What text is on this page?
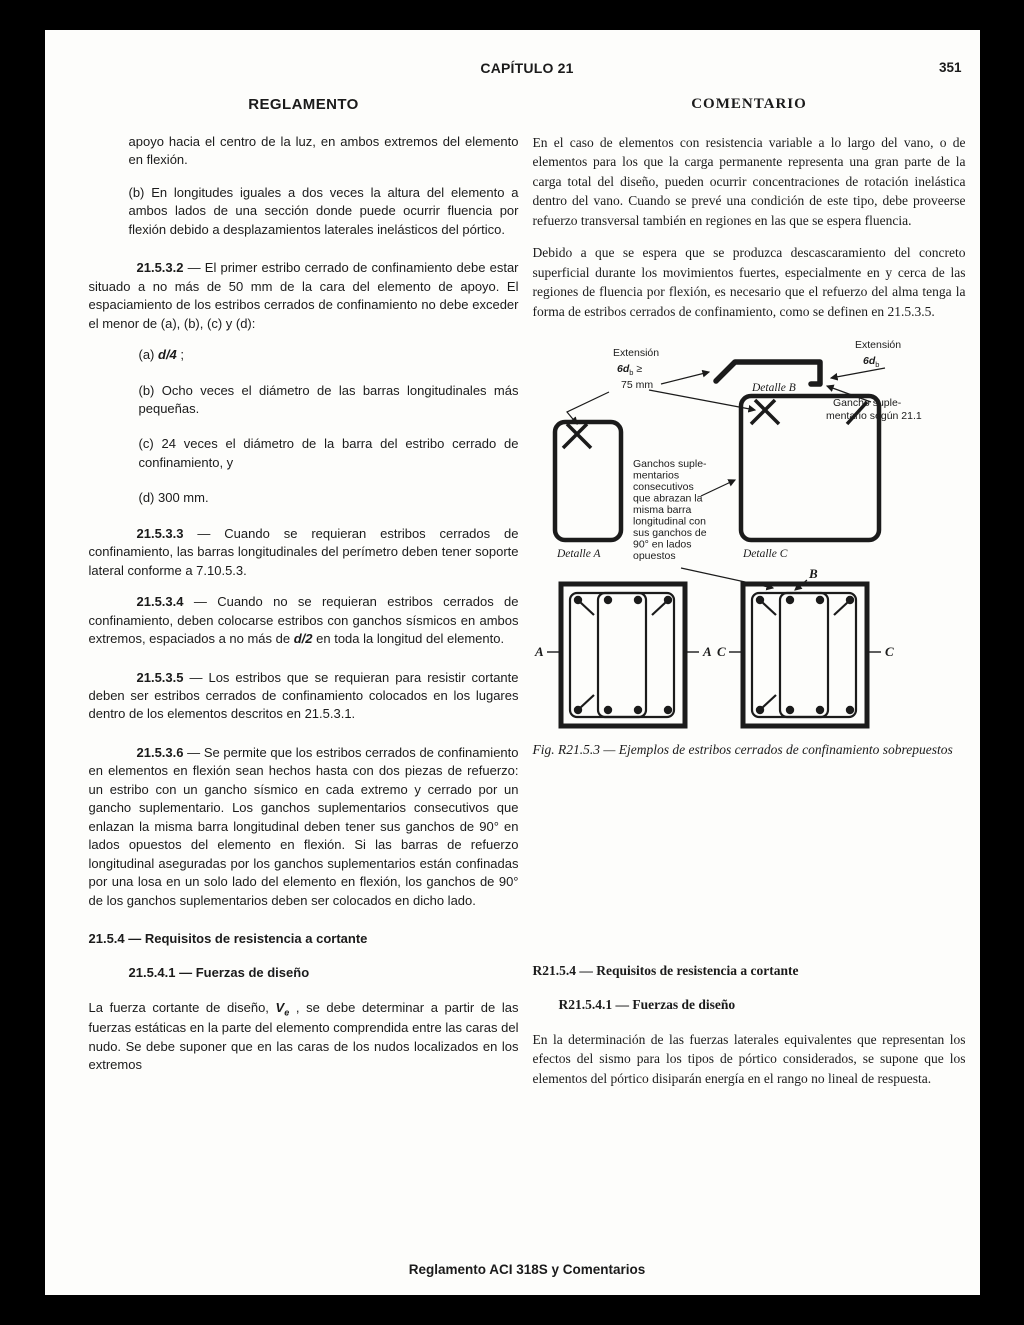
CAPÍTULO 21	351
REGLAMENTO	COMENTARIO

apoyo hacia el centro de la luz, en ambos extremos del elemento en flexión.

(b) En longitudes iguales a dos veces la altura del elemento a ambos lados de una sección donde puede ocurrir fluencia por flexión debido a desplazamientos laterales inelásticos del pórtico.

21.5.3.2 — El primer estribo cerrado de confinamiento debe estar situado a no más de 50 mm de la cara del elemento de apoyo. El espaciamiento de los estribos cerrados de confinamiento no debe exceder el menor de (a), (b), (c) y (d):

(a) d/4 ;

(b) Ocho veces el diámetro de las barras longitudinales más pequeñas.

(c) 24 veces el diámetro de la barra del estribo cerrado de confinamiento, y

(d) 300 mm.

21.5.3.3 — Cuando se requieran estribos cerrados de confinamiento, las barras longitudinales del perímetro deben tener soporte lateral conforme a 7.10.5.3.

21.5.3.4 — Cuando no se requieran estribos cerrados de confinamiento, deben colocarse estribos con ganchos sísmicos en ambos extremos, espaciados a no más de d/2 en toda la longitud del elemento.

21.5.3.5 — Los estribos que se requieran para resistir cortante deben ser estribos cerrados de confinamiento colocados en los lugares dentro de los elementos descritos en 21.5.3.1.

21.5.3.6 — Se permite que los estribos cerrados de confinamiento en elementos en flexión sean hechos hasta con dos piezas de refuerzo: un estribo con un gancho sísmico en cada extremo y cerrado por un gancho suplementario. Los ganchos suplementarios consecutivos que enlazan la misma barra longitudinal deben tener sus ganchos de 90° en lados opuestos del elemento en flexión. Si las barras de refuerzo longitudinal aseguradas por los ganchos suplementarios están confinadas por una losa en un solo lado del elemento en flexión, los ganchos de 90° de los ganchos suplementarios deben ser colocados en dicho lado.

21.5.4 — Requisitos de resistencia a cortante

21.5.4.1 — Fuerzas de diseño

La fuerza cortante de diseño, $V_e$ , se debe determinar a partir de las fuerzas estáticas en la parte del elemento comprendida entre las caras del nudo. Se debe suponer que en las caras de los nudos localizados en los extremos

En el caso de elementos con resistencia variable a lo largo del vano, o de elementos para los que la carga permanente representa una gran parte de la carga total del diseño, pueden ocurrir concentraciones de rotación inelástica dentro del vano. Cuando se prevé una condición de este tipo, debe proveerse refuerzo transversal también en regiones en las que se espera fluencia.

Debido a que se espera que se produzca descascaramiento del concreto superficial durante los movimientos fuertes, especialmente en y cerca de las regiones de fluencia por flexión, es necesario que el refuerzo del alma tenga la forma de estribos cerrados de confinamiento, como se definen en 21.5.3.5.

Extensión
$6d_b$ ≥
75 mm
Extensión
$6d_b$
Detalle B
Gancho suple-
mentario según 21.1
Ganchos suple-
mentarios
consecutivos
que abrazan la
misma barra
longitudinal con
sus ganchos de
90° en lados
opuestos
Detalle A	Detalle C
A	A C	C
B

Fig. R21.5.3 — Ejemplos de estribos cerrados de confinamiento sobrepuestos

R21.5.4 — Requisitos de resistencia a cortante

R21.5.4.1 — Fuerzas de diseño

En la determinación de las fuerzas laterales equivalentes que representan los efectos del sismo para los tipos de pórtico considerados, se supone que los elementos del pórtico disiparán energía en el rango no lineal de respuesta.

Reglamento ACI 318S y Comentarios
